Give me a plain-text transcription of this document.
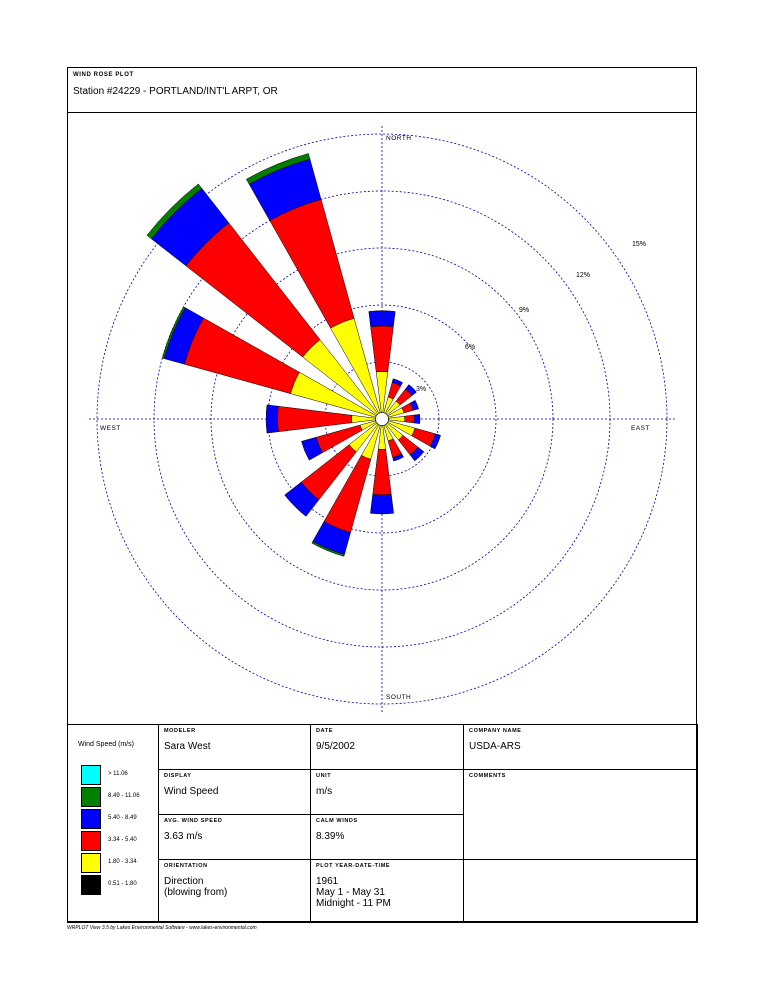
WIND ROSE PLOT
Station #24229 - PORTLAND/INT'L ARPT, OR
3%
6%
9%
12%
15%
NORTH
SOUTH
EAST
WEST
Wind Speed (m/s)
> 11.06
8.49 - 11.06
5.40 - 8.49
3.34 - 5.40
1.80 - 3.34
0.51 - 1.80
MODELER
Sara West
DATE
9/5/2002
COMPANY NAME
USDA-ARS
DISPLAY
Wind Speed
UNIT
m/s
COMMENTS
AVG. WIND SPEED
3.63 m/s
CALM WINDS
8.39%
ORIENTATION
Direction
(blowing from)
PLOT YEAR-DATE-TIME
1961
May 1 - May 31
Midnight - 11 PM
WRPLOT View 3.5 by Lakes Environmental Software - www.lakes-environmental.com
